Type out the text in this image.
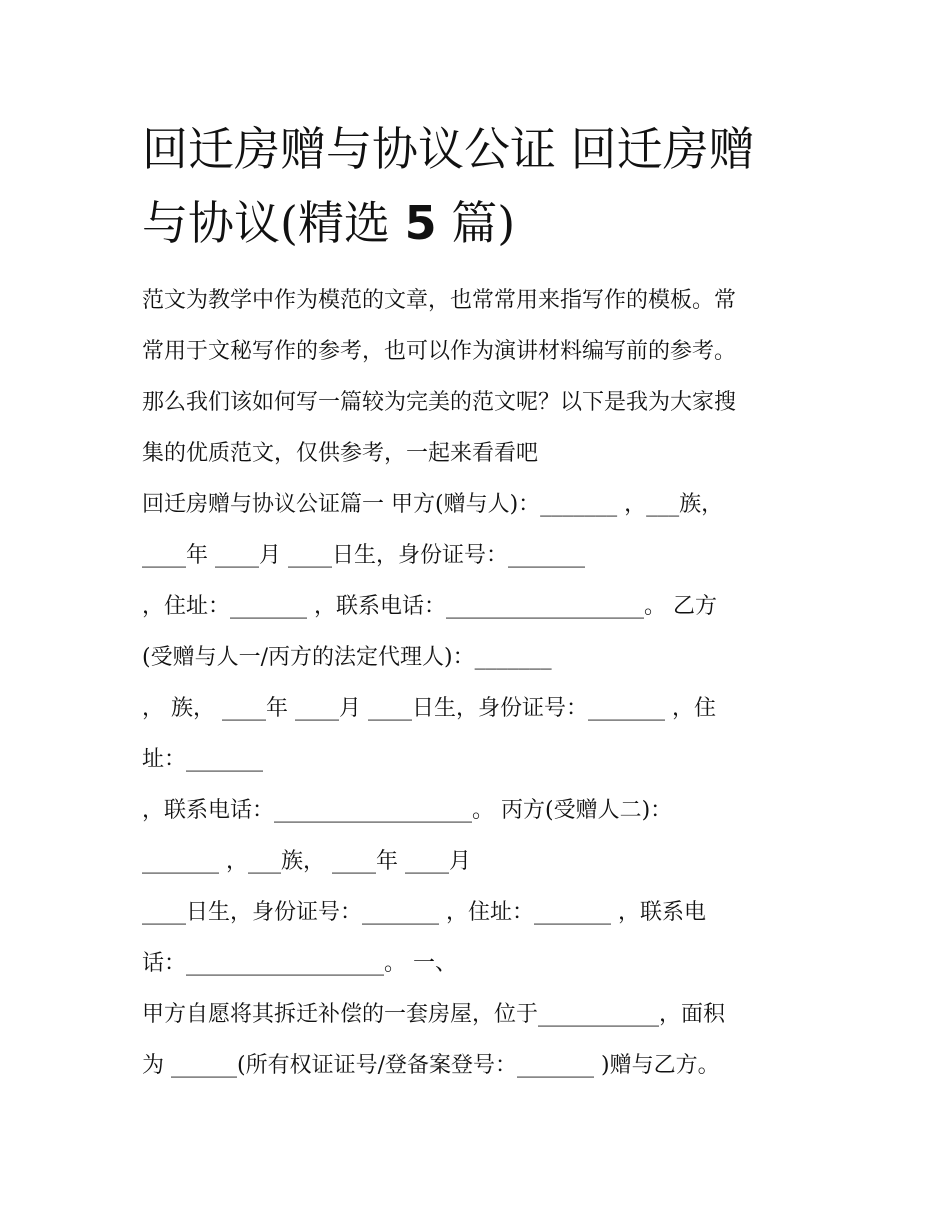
回迁房赠与协议公证 回迁房赠
与协议(精选 5 篇)
范文为教学中作为模范的文章，也常常用来指写作的模板。常
常用于文秘写作的参考，也可以作为演讲材料编写前的参考。
那么我们该如何写一篇较为完美的范文呢？以下是我为大家搜
集的优质范文，仅供参考，一起来看看吧
回迁房赠与协议公证篇一 甲方(赠与人)：_______ ，___族，
____年 ____月 ____日生，身份证号：_______
，住址：_______ ，联系电话：__________________。 乙方
(受赠与人一/丙方的法定代理人)：_______
， 族， ____年 ____月 ____日生，身份证号：_______ ，住
址：_______
，联系电话：__________________。 丙方(受赠人二)：
_______ ，___族， ____年 ____月
____日生，身份证号：_______ ，住址：_______ ，联系电
话：__________________。 一、
甲方自愿将其拆迁补偿的一套房屋，位于___________，面积
为 ______(所有权证证号/登备案登号：_______ )赠与乙方。
